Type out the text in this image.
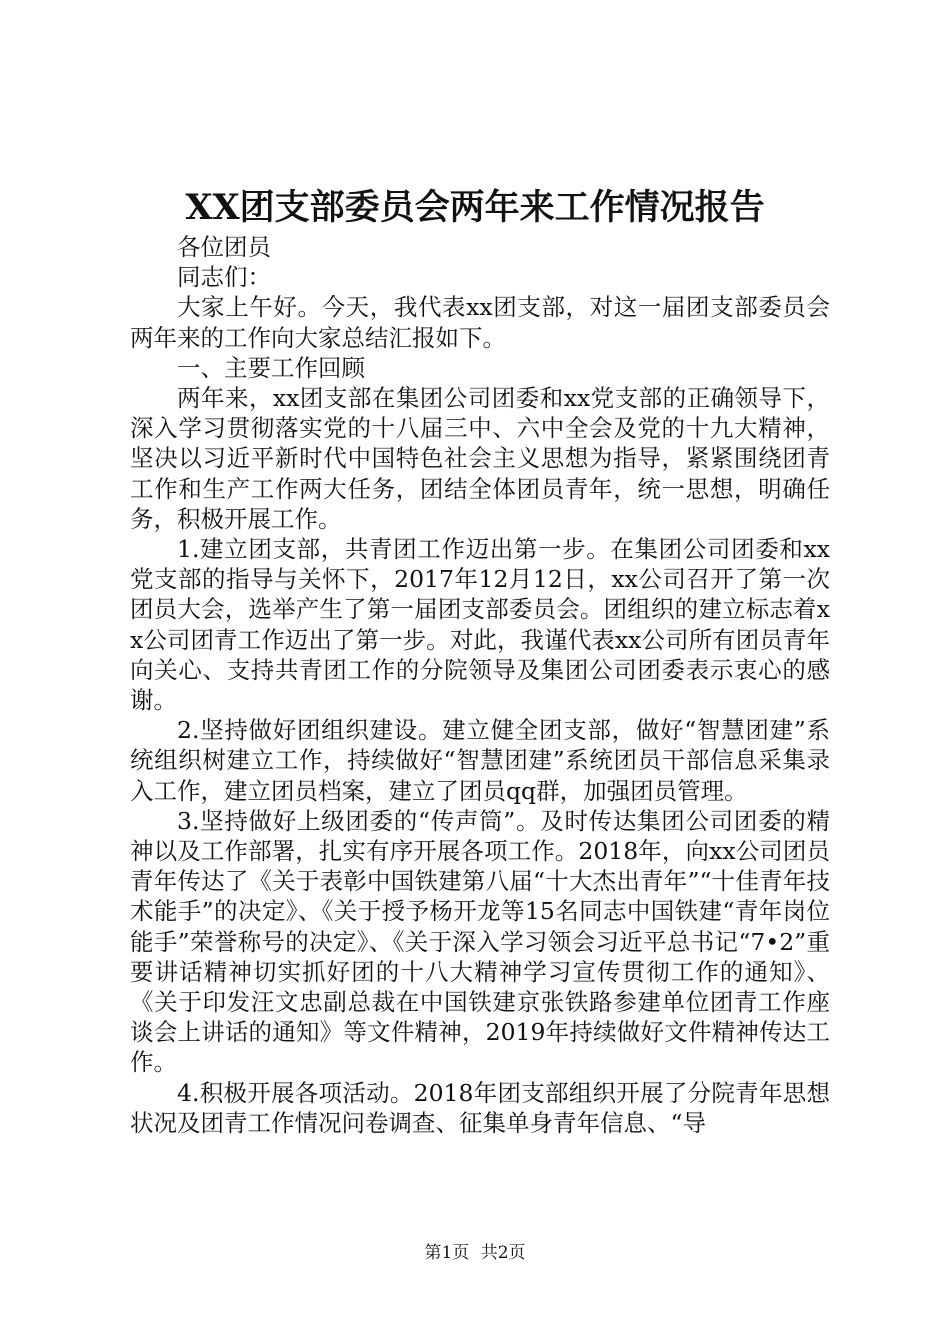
XX团支部委员会两年来工作情况报告

各位团员

同志们：

大家上午好。今天，我代表xx团支部，对这一届团支部委员会两年来的工作向大家总结汇报如下。

一、主要工作回顾

两年来，xx团支部在集团公司团委和xx党支部的正确领导下，深入学习贯彻落实党的十八届三中、六中全会及党的十九大精神，坚决以习近平新时代中国特色社会主义思想为指导，紧紧围绕团青工作和生产工作两大任务，团结全体团员青年，统一思想，明确任务，积极开展工作。

1.建立团支部，共青团工作迈出第一步。在集团公司团委和xx党支部的指导与关怀下，2017年12月12日，xx公司召开了第一次团员大会，选举产生了第一届团支部委员会。团组织的建立标志着xx公司团青工作迈出了第一步。对此，我谨代表xx公司所有团员青年向关心、支持共青团工作的分院领导及集团公司团委表示衷心的感谢。

2.坚持做好团组织建设。建立健全团支部，做好“智慧团建”系统组织树建立工作，持续做好“智慧团建”系统团员干部信息采集录入工作，建立团员档案，建立了团员qq群，加强团员管理。

3.坚持做好上级团委的“传声筒”。及时传达集团公司团委的精神以及工作部署，扎实有序开展各项工作。2018年，向xx公司团员青年传达了《关于表彰中国铁建第八届“十大杰出青年”“十佳青年技术能手”的决定》、《关于授予杨开龙等15名同志中国铁建“青年岗位能手”荣誉称号的决定》、《关于深入学习领会习近平总书记“7•2”重要讲话精神切实抓好团的十八大精神学习宣传贯彻工作的通知》、《关于印发汪文忠副总裁在中国铁建京张铁路参建单位团青工作座谈会上讲话的通知》等文件精神，2019年持续做好文件精神传达工作。

4.积极开展各项活动。2018年团支部组织开展了分院青年思想状况及团青工作情况问卷调查、征集单身青年信息、“导

第1页 共2页
